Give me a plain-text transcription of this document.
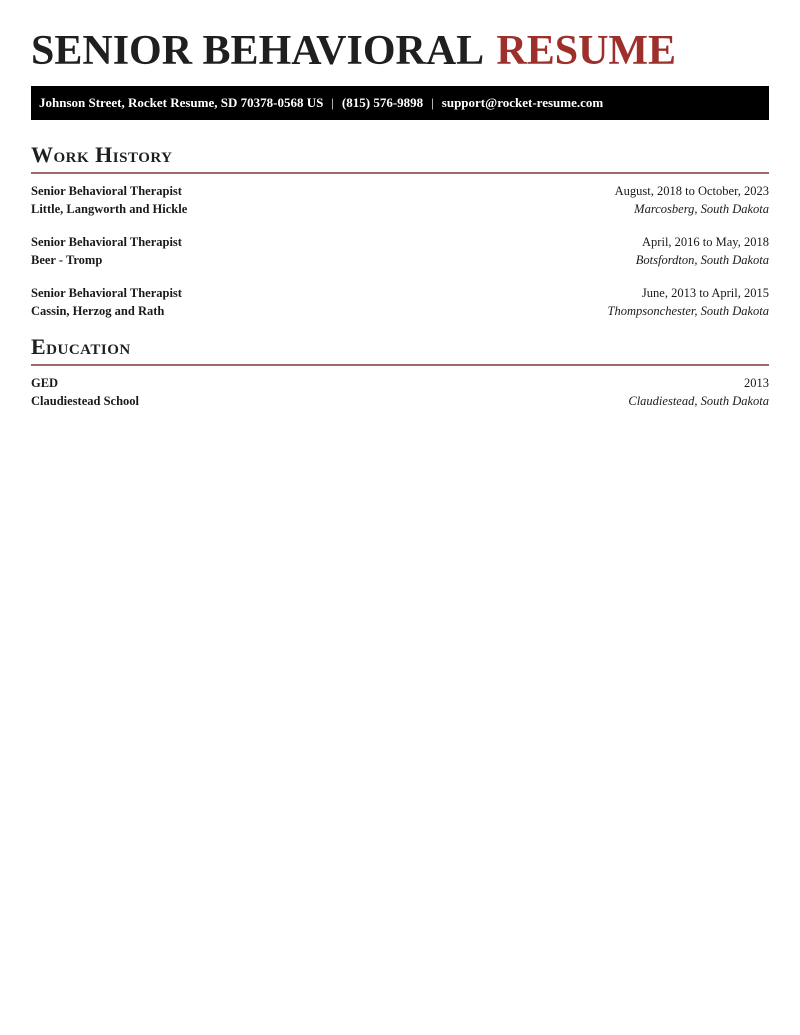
SENIOR BEHAVIORAL RESUME
Johnson Street, Rocket Resume, SD 70378-0568 US | (815) 576-9898 | support@rocket-resume.com
Work History
Senior Behavioral Therapist	August, 2018 to October, 2023
Little, Langworth and Hickle	Marcosberg, South Dakota
Senior Behavioral Therapist	April, 2016 to May, 2018
Beer - Tromp	Botsfordton, South Dakota
Senior Behavioral Therapist	June, 2013 to April, 2015
Cassin, Herzog and Rath	Thompsonchester, South Dakota
Education
GED	2013
Claudiestead School	Claudiestead, South Dakota
